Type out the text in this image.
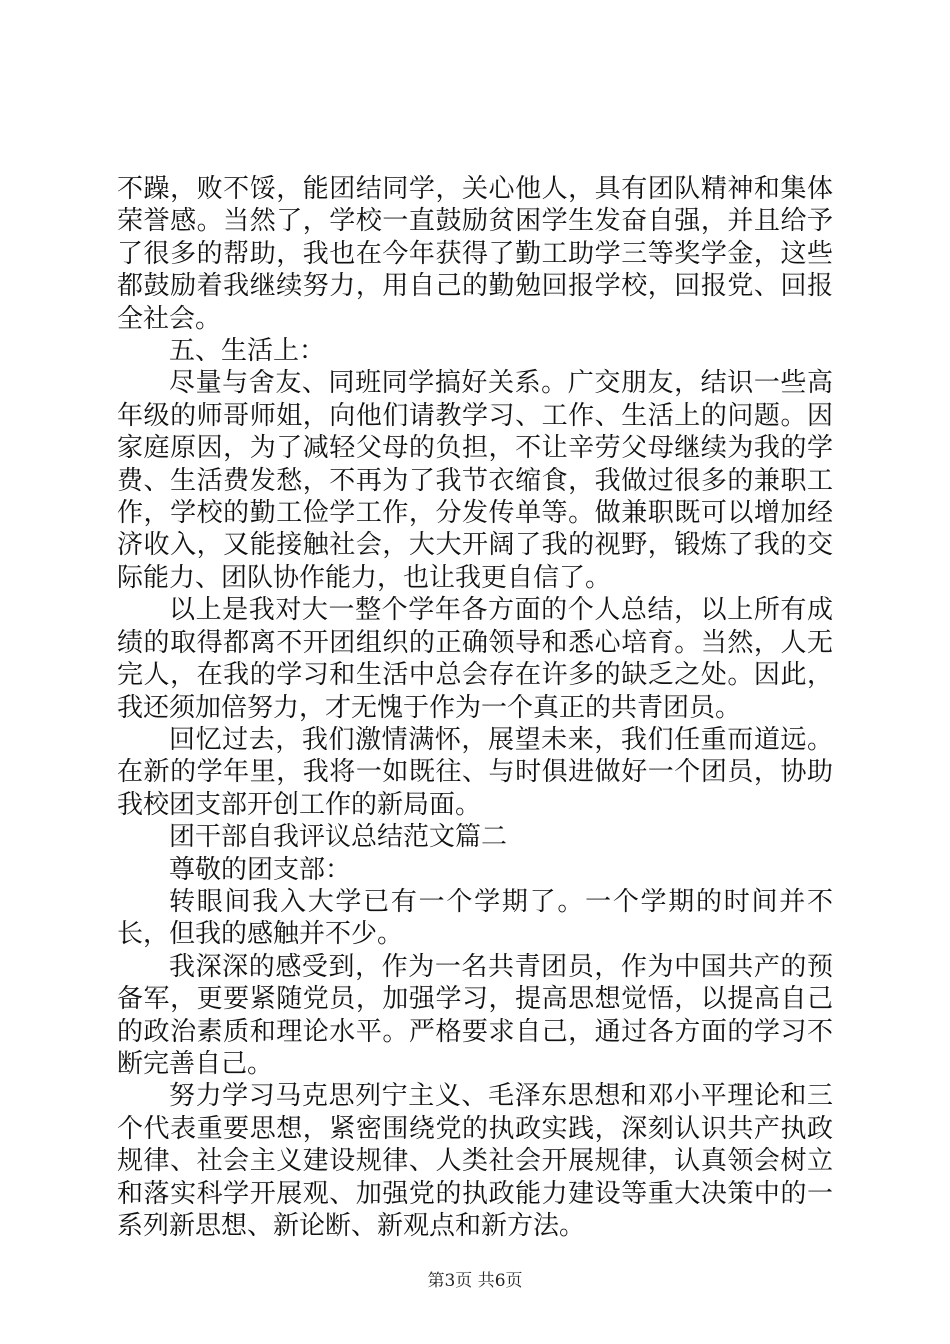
不躁，败不馁，能团结同学，关心他人，具有团队精神和集体荣誉感。当然了，学校一直鼓励贫困学生发奋自强，并且给予了很多的帮助，我也在今年获得了勤工助学三等奖学金，这些都鼓励着我继续努力，用自己的勤勉回报学校，回报党、回报全社会。

五、生活上：

尽量与舍友、同班同学搞好关系。广交朋友，结识一些高年级的师哥师姐，向他们请教学习、工作、生活上的问题。因家庭原因，为了减轻父母的负担，不让辛劳父母继续为我的学费、生活费发愁，不再为了我节衣缩食，我做过很多的兼职工作，学校的勤工俭学工作，分发传单等。做兼职既可以增加经济收入，又能接触社会，大大开阔了我的视野，锻炼了我的交际能力、团队协作能力，也让我更自信了。

以上是我对大一整个学年各方面的个人总结，以上所有成绩的取得都离不开团组织的正确领导和悉心培育。当然，人无完人，在我的学习和生活中总会存在许多的缺乏之处。因此，我还须加倍努力，才无愧于作为一个真正的共青团员。

回忆过去，我们激情满怀，展望未来，我们任重而道远。在新的学年里，我将一如既往、与时俱进做好一个团员，协助我校团支部开创工作的新局面。

团干部自我评议总结范文篇二

尊敬的团支部：

转眼间我入大学已有一个学期了。一个学期的时间并不长，但我的感触并不少。

我深深的感受到，作为一名共青团员，作为中国共产的预备军，更要紧随党员，加强学习，提高思想觉悟，以提高自己的政治素质和理论水平。严格要求自己，通过各方面的学习不断完善自己。

努力学习马克思列宁主义、毛泽东思想和邓小平理论和三个代表重要思想，紧密围绕党的执政实践，深刻认识共产执政规律、社会主义建设规律、人类社会开展规律，认真领会树立和落实科学开展观、加强党的执政能力建设等重大决策中的一系列新思想、新论断、新观点和新方法。

第3页 共6页
